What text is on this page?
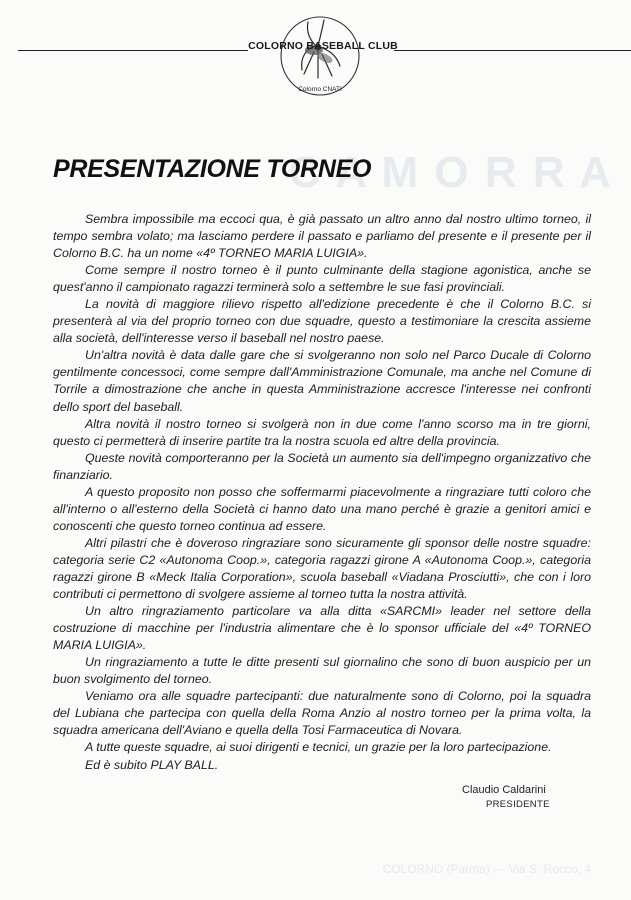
C A M O R R A
COLORNO BASEBALL CLUB
Colorno CNATI
PRESENTAZIONE TORNEO

Sembra impossibile ma eccoci qua, è già passato un altro anno dal nostro ultimo torneo, il tempo sembra volato; ma lasciamo perdere il passato e parliamo del presente e il presente per il Colorno B.C. ha un nome «4º TORNEO MARIA LUIGIA».

Come sempre il nostro torneo è il punto culminante della stagione agonistica, anche se quest'anno il campionato ragazzi terminerà solo a settembre le sue fasi provinciali.

La novità di maggiore rilievo rispetto all'edizione precedente è che il Colorno B.C. si presenterà al via del proprio torneo con due squadre, questo a testimoniare la crescita assieme alla società, dell'interesse verso il baseball nel nostro paese.

Un'altra novità è data dalle gare che si svolgeranno non solo nel Parco Ducale di Colorno gentilmente concessoci, come sempre dall'Amministrazione Comunale, ma anche nel Comune di Torrile a dimostrazione che anche in questa Amministrazione accresce l'interesse nei confronti dello sport del baseball.

Altra novità il nostro torneo si svolgerà non in due come l'anno scorso ma in tre giorni, questo ci permetterà di inserire partite tra la nostra scuola ed altre della provincia.

Queste novità comporteranno per la Società un aumento sia dell'impegno organizzativo che finanziario.

A questo proposito non posso che soffermarmi piacevolmente a ringraziare tutti coloro che all'interno o all'esterno della Società ci hanno dato una mano perché è grazie a genitori amici e conoscenti che questo torneo continua ad essere.

Altri pilastri che è doveroso ringraziare sono sicuramente gli sponsor delle nostre squadre: categoria serie C2 «Autonoma Coop.», categoria ragazzi girone A «Autonoma Coop.», categoria ragazzi girone B «Meck Italia Corporation», scuola baseball «Viadana Prosciutti», che con i loro contributi ci permettono di svolgere assieme al torneo tutta la nostra attività.

Un altro ringraziamento particolare va alla ditta «SARCMI» leader nel settore della costruzione di macchine per l'industria alimentare che è lo sponsor ufficiale del «4º TORNEO MARIA LUIGIA».

Un ringraziamento a tutte le ditte presenti sul giornalino che sono di buon auspicio per un buon svolgimento del torneo.

Veniamo ora alle squadre partecipanti: due naturalmente sono di Colorno, poi la squadra del Lubiana che partecipa con quella della Roma Anzio al nostro torneo per la prima volta, la squadra americana dell'Aviano e quella della Tosi Farmaceutica di Novara.

A tutte queste squadre, ai suoi dirigenti e tecnici, un grazie per la loro partecipazione.

Ed è subito PLAY BALL.

Claudio Caldarini
PRESIDENTE
COLORNO (Parma) — Via S. Rocco, 4
